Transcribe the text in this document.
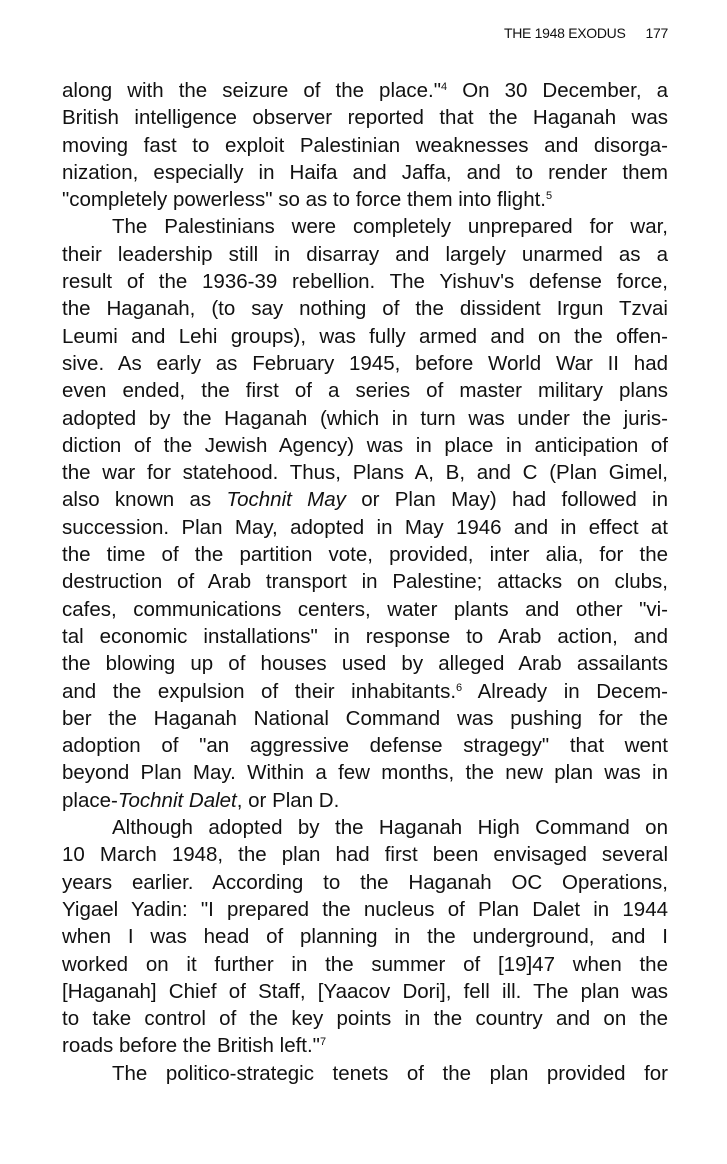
THE 1948 EXODUS 177
along with the seizure of the place."$^4$ On 30 December, a
British intelligence observer reported that the Haganah was
moving fast to exploit Palestinian weaknesses and disorga-
nization, especially in Haifa and Jaffa, and to render them
"completely powerless" so as to force them into flight.$^5$
The Palestinians were completely unprepared for war,
their leadership still in disarray and largely unarmed as a
result of the 1936-39 rebellion. The Yishuv's defense force,
the Haganah, (to say nothing of the dissident Irgun Tzvai
Leumi and Lehi groups), was fully armed and on the offen-
sive. As early as February 1945, before World War II had
even ended, the first of a series of master military plans
adopted by the Haganah (which in turn was under the juris-
diction of the Jewish Agency) was in place in anticipation of
the war for statehood. Thus, Plans A, B, and C (Plan Gimel,
also known as Tochnit May or Plan May) had followed in
succession. Plan May, adopted in May 1946 and in effect at
the time of the partition vote, provided, inter alia, for the
destruction of Arab transport in Palestine; attacks on clubs,
cafes, communications centers, water plants and other "vi-
tal economic installations" in response to Arab action, and
the blowing up of houses used by alleged Arab assailants
and the expulsion of their inhabitants.$^6$ Already in Decem-
ber the Haganah National Command was pushing for the
adoption of "an aggressive defense stragegy" that went
beyond Plan May. Within a few months, the new plan was in
place-Tochnit Dalet, or Plan D.
Although adopted by the Haganah High Command on
10 March 1948, the plan had first been envisaged several
years earlier. According to the Haganah OC Operations,
Yigael Yadin: "I prepared the nucleus of Plan Dalet in 1944
when I was head of planning in the underground, and I
worked on it further in the summer of [19]47 when the
[Haganah] Chief of Staff, [Yaacov Dori], fell ill. The plan was
to take control of the key points in the country and on the
roads before the British left."$^7$
The politico-strategic tenets of the plan provided for
